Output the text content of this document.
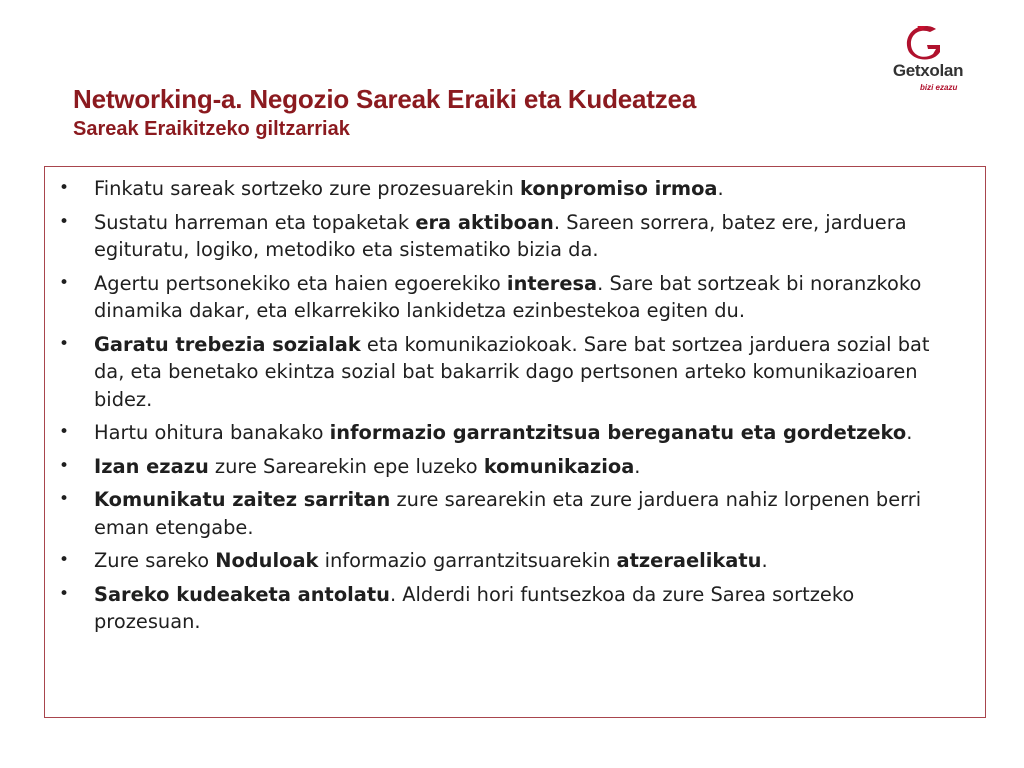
Getxolan
bizi ezazu
Networking-a. Negozio Sareak Eraiki eta Kudeatzea
Sareak Eraikitzeko giltzarriak
• Finkatu sareak sortzeko zure prozesuarekin konpromiso irmoa.
• Sustatu harreman eta topaketak era aktiboan. Sareen sorrera, batez ere, jarduera egituratu, logiko, metodiko eta sistematiko bizia da.
• Agertu pertsonekiko eta haien egoerekiko interesa. Sare bat sortzeak bi noranzkoko dinamika dakar, eta elkarrekiko lankidetza ezinbestekoa egiten du.
• Garatu trebezia sozialak eta komunikaziokoak. Sare bat sortzea jarduera sozial bat da, eta benetako ekintza sozial bat bakarrik dago pertsonen arteko komunikazioaren bidez.
• Hartu ohitura banakako informazio garrantzitsua bereganatu eta gordetzeko.
• Izan ezazu zure Sarearekin epe luzeko komunikazioa.
• Komunikatu zaitez sarritan zure sarearekin eta zure jarduera nahiz lorpenen berri eman etengabe.
• Zure sareko Noduloak informazio garrantzitsuarekin atzeraelikatu.
• Sareko kudeaketa antolatu. Alderdi hori funtsezkoa da zure Sarea sortzeko prozesuan.
